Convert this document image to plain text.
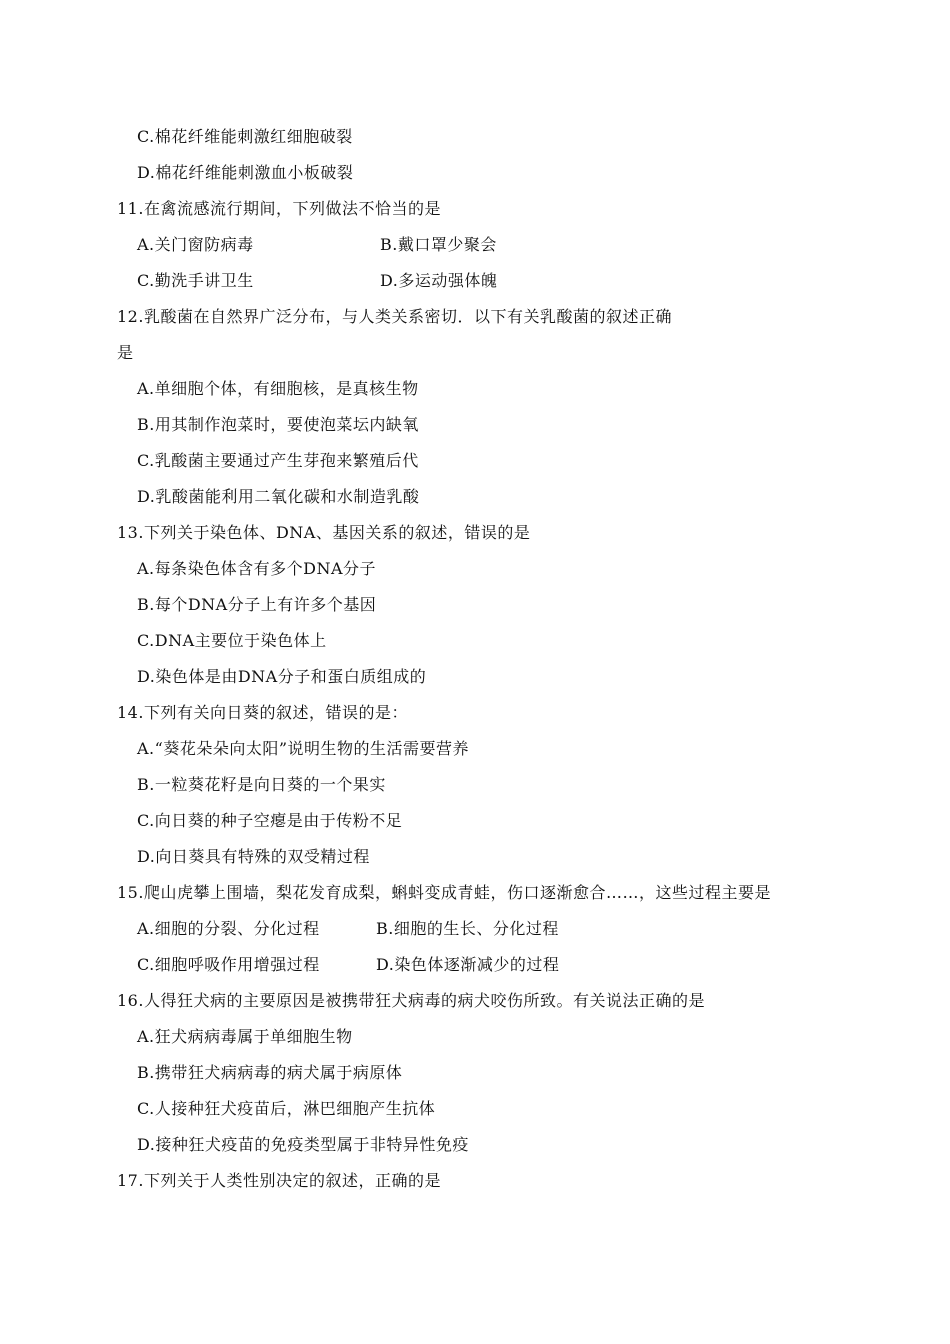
C.棉花纤维能刺激红细胞破裂
D.棉花纤维能刺激血小板破裂
11.在禽流感流行期间，下列做法不恰当的是
A.关门窗防病毒	B.戴口罩少聚会
C.勤洗手讲卫生	D.多运动强体魄
12.乳酸菌在自然界广泛分布，与人类关系密切．以下有关乳酸菌的叙述正确
是
A.单细胞个体，有细胞核，是真核生物
B.用其制作泡菜时，要使泡菜坛内缺氧
C.乳酸菌主要通过产生芽孢来繁殖后代
D.乳酸菌能利用二氧化碳和水制造乳酸
13.下列关于染色体、DNA、基因关系的叙述，错误的是
A.每条染色体含有多个DNA分子
B.每个DNA分子上有许多个基因
C.DNA主要位于染色体上
D.染色体是由DNA分子和蛋白质组成的
14.下列有关向日葵的叙述，错误的是：
A.“葵花朵朵向太阳”说明生物的生活需要营养
B.一粒葵花籽是向日葵的一个果实
C.向日葵的种子空瘪是由于传粉不足
D.向日葵具有特殊的双受精过程
15.爬山虎攀上围墙，梨花发育成梨，蝌蚪变成青蛙，伤口逐渐愈合……，这些过程主要是
A.细胞的分裂、分化过程	B.细胞的生长、分化过程
C.细胞呼吸作用增强过程	D.染色体逐渐减少的过程
16.人得狂犬病的主要原因是被携带狂犬病毒的病犬咬伤所致。有关说法正确的是
A.狂犬病病毒属于单细胞生物
B.携带狂犬病病毒的病犬属于病原体
C.人接种狂犬疫苗后，淋巴细胞产生抗体
D.接种狂犬疫苗的免疫类型属于非特异性免疫
17.下列关于人类性别决定的叙述，正确的是
